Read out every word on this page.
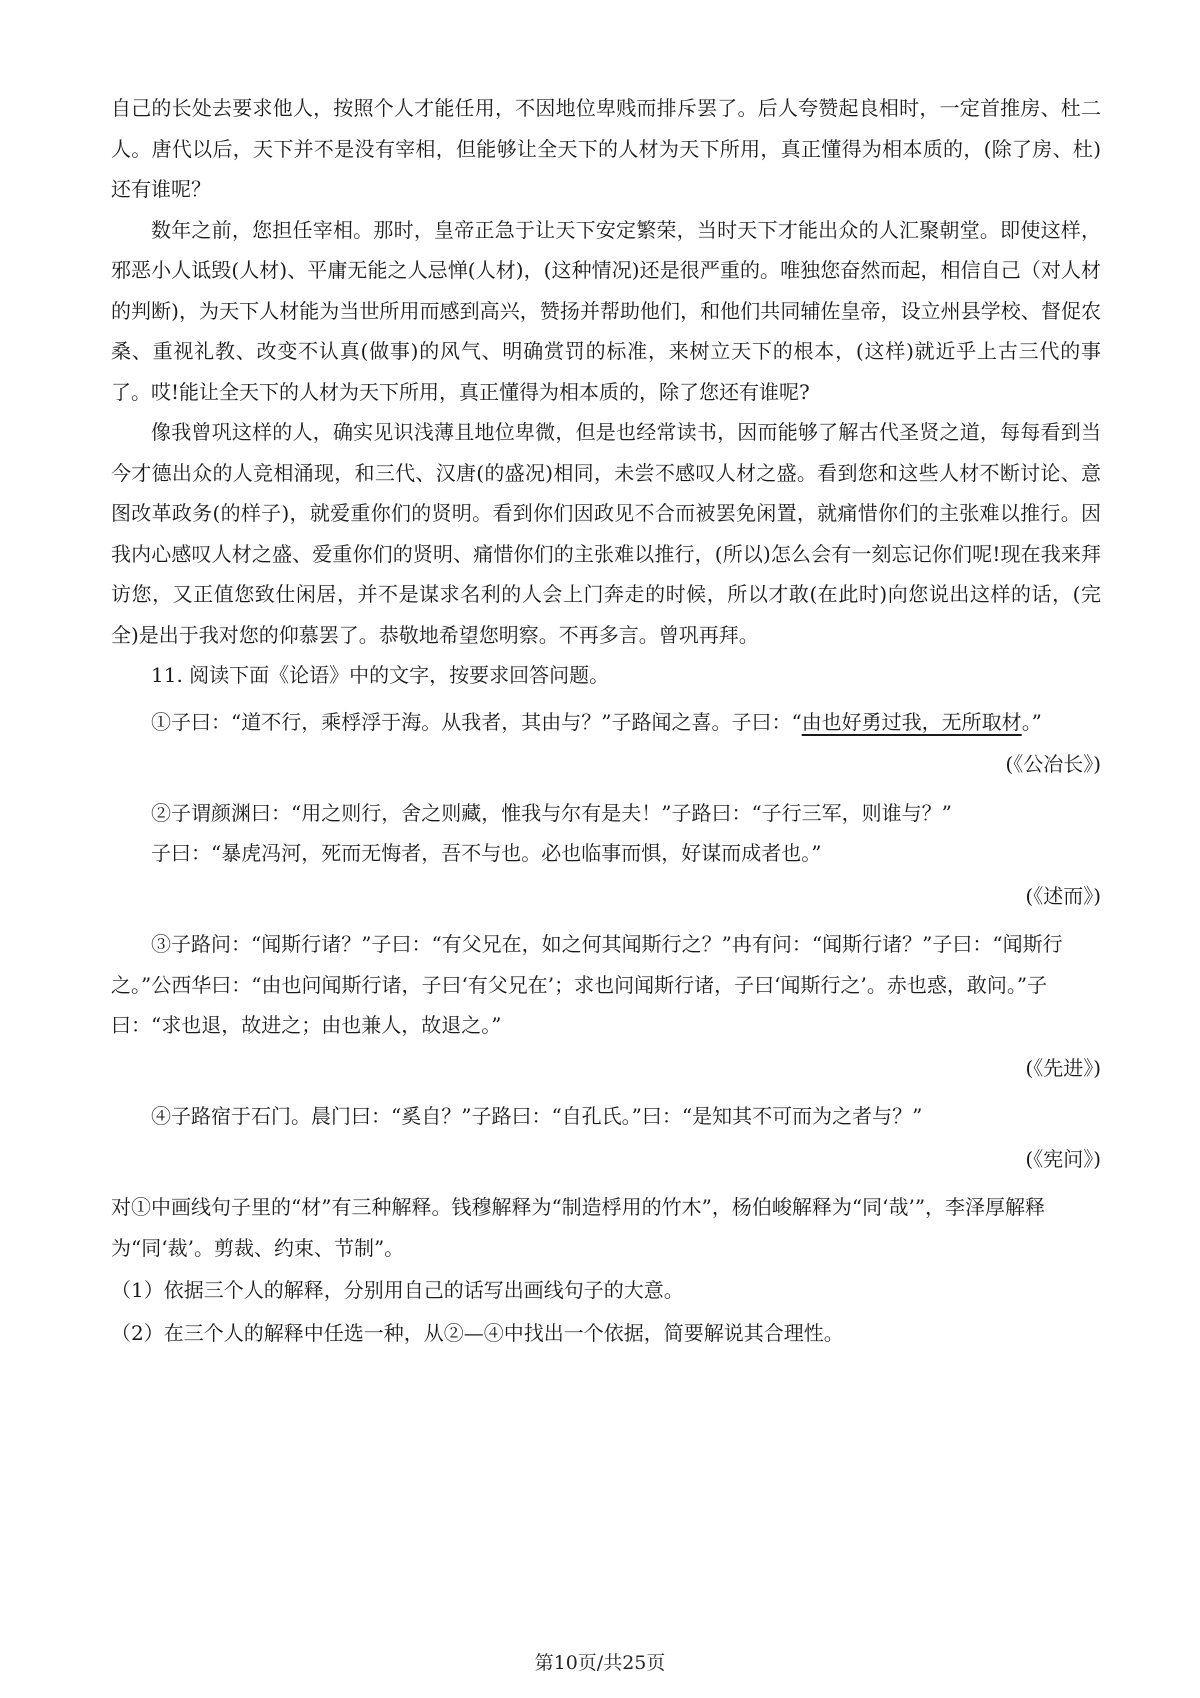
自己的长处去要求他人，按照个人才能任用，不因地位卑贱而排斥罢了。后人夸赞起良相时，一定首推房、杜二人。唐代以后，天下并不是没有宰相，但能够让全天下的人材为天下所用，真正懂得为相本质的，(除了房、杜)还有谁呢？

数年之前，您担任宰相。那时，皇帝正急于让天下安定繁荣，当时天下才能出众的人汇聚朝堂。即使这样，邪恶小人诋毁(人材)、平庸无能之人忌惮(人材)，(这种情况)还是很严重的。唯独您奋然而起，相信自己（对人材的判断)，为天下人材能为当世所用而感到高兴，赞扬并帮助他们，和他们共同辅佐皇帝，设立州县学校、督促农桑、重视礼教、改变不认真(做事)的风气、明确赏罚的标准，来树立天下的根本，(这样)就近乎上古三代的事了。哎!能让全天下的人材为天下所用，真正懂得为相本质的，除了您还有谁呢?

像我曾巩这样的人，确实见识浅薄且地位卑微，但是也经常读书，因而能够了解古代圣贤之道，每每看到当今才德出众的人竞相涌现，和三代、汉唐(的盛况)相同，未尝不感叹人材之盛。看到您和这些人材不断讨论、意图改革政务(的样子)，就爱重你们的贤明。看到你们因政见不合而被罢免闲置，就痛惜你们的主张难以推行。因我内心感叹人材之盛、爱重你们的贤明、痛惜你们的主张难以推行，(所以)怎么会有一刻忘记你们呢!现在我来拜访您，又正值您致仕闲居，并不是谋求名利的人会上门奔走的时候，所以才敢(在此时)向您说出这样的话，(完全)是出于我对您的仰慕罢了。恭敬地希望您明察。不再多言。曾巩再拜。

11. 阅读下面《论语》中的文字，按要求回答问题。

①子曰：“道不行，乘桴浮于海。从我者，其由与？”子路闻之喜。子曰：“由也好勇过我，无所取材。”

(《公冶长》)

②子谓颜渊曰：“用之则行，舍之则藏，惟我与尔有是夫！”子路曰：“子行三军，则谁与？”

子曰：“暴虎冯河，死而无悔者，吾不与也。必也临事而惧，好谋而成者也。”

(《述而》)

③子路问：“闻斯行诸？”子曰：“有父兄在，如之何其闻斯行之？”冉有问：“闻斯行诸？”子曰：“闻斯行之。”公西华曰：“由也问闻斯行诸，子曰‘有父兄在’；求也问闻斯行诸，子曰‘闻斯行之’。赤也惑，敢问。”子曰：“求也退，故进之；由也兼人，故退之。”

(《先进》)

④子路宿于石门。晨门曰：“奚自？”子路曰：“自孔氏。”曰：“是知其不可而为之者与？”

(《宪问》)

对①中画线句子里的“材”有三种解释。钱穆解释为“制造桴用的竹木”，杨伯峻解释为“同‘哉’”，李泽厚解释为“同‘裁’。剪裁、约束、节制”。

（1）依据三个人的解释，分别用自己的话写出画线句子的大意。

（2）在三个人的解释中任选一种，从②—④中找出一个依据，简要解说其合理性。

第10页/共25页
